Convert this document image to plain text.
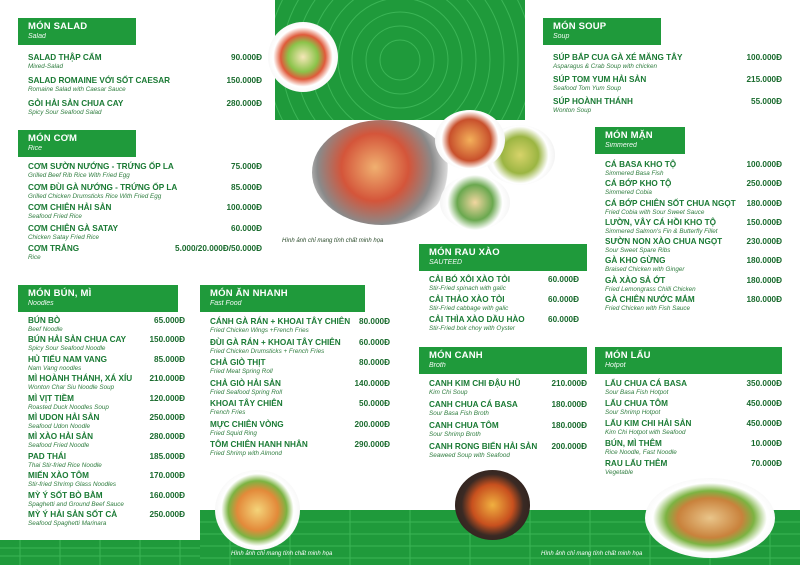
Hình ảnh chỉ mang tính chất minh họa
Hình ảnh chỉ mang tính chất minh họa	Hình ảnh chỉ mang tính chất minh họa
MÓN SALAD
Salad
SALAD THẬP CẨM
Mixed-Salad
90.000Đ
SALAD ROMAINE VỚI SỐT CAESAR
Romaine Salad with Caesar Sauce
150.000Đ
GỎI HẢI SẢN CHUA CAY
Spicy Sour Seafood Salad
280.000Đ
MÓN CƠM
Rice
CƠM SƯỜN NƯỚNG - TRỨNG ỐP LA
Grilled Beef Rib Rice With Fried Egg
75.000Đ
CƠM ĐÙI GÀ NƯỚNG - TRỨNG ỐP LA
Grilled Chicken Drumsticks Rice With Fried Egg
85.000Đ
CƠM CHIÊN HẢI SẢN
Seafood Fried Rice
100.000Đ
CƠM CHIÊN GÀ SATAY
Chicken Satay Fried Rice
60.000Đ
CƠM TRẮNG
Rice
5.000/20.000Đ/50.000Đ
MÓN BÚN, MÌ
Noodles
BÚN BÒ
Beef Noodle
65.000Đ
BÚN HẢI SẢN CHUA CAY
Spicy Sour Seafood Noodle
150.000Đ
HỦ TIẾU NAM VANG
Nam Vang noodles
85.000Đ
MÌ HOÀNH THÁNH, XÁ XÍU
Wonton Char Siu Noodle Soup
210.000Đ
MÌ VỊT TIỀM
Roasted Duck Noodles Soup
120.000Đ
MÌ UDON HẢI SẢN
Seafood Udon Noodle
250.000Đ
MÌ XÀO HẢI SẢN
Seafood Fried Noodle
280.000Đ
PAD THÁI
Thai Stir-fried Rice Noodle
185.000Đ
MIẾN XÀO TÔM
Stir-fried Shrimp Glass Noodles
170.000Đ
MỲ Ý SỐT BÒ BẰM
Spaghetti and Ground Beef Sauce
160.000Đ
MỲ Ý HẢI SẢN SỐT CÀ
Seafood Spaghetti Marinara
250.000Đ
MÓN ĂN NHANH
Fast Food
CÁNH GÀ RÁN + KHOAI TÂY CHIÊN
Fried Chicken Wings +French Fries
80.000Đ
ĐÙI GÀ RÁN + KHOAI TÂY CHIÊN
Fried Chicken Drumsticks + French Fries
60.000Đ
CHẢ GIÒ THỊT
Fried Meat Spring Roll
80.000Đ
CHẢ GIÒ HẢI SẢN
Fried Seafood Spring Roll
140.000Đ
KHOAI TÂY CHIÊN
French Fries
50.000Đ
MỰC CHIÊN VÒNG
Fried Squid Ring
200.000Đ
TÔM CHIÊN HANH NHÂN
Fried Shrimp with Almond
290.000Đ
MÓN RAU XÀO
SAUTEED
CẢI BÓ XÔI XÀO TỎI
Stir-Fried spinach with galic
60.000Đ
CẢI THẢO XÀO TỎI
Stir-Fried cabbage with galic
60.000Đ
CẢI THÌA XÀO DẦU HÀO
Stir-Fried bok choy with Oyster
60.000Đ
MÓN CANH
Broth
CANH KIM CHI ĐẬU HŨ
Kim Chi Soup
210.000Đ
CANH CHUA CÁ BASA
Sour Basa Fish Broth
180.000Đ
CANH CHUA TÔM
Sour Shrimp Broth
180.000Đ
CANH RONG BIỂN HẢI SẢN
Seaweed Soup with Seafood
200.000Đ
MÓN SOUP
Soup
SÚP BẮP CUA GÀ XÉ MĂNG TÂY
Asparagus & Crab Soup with chicken
100.000Đ
SÚP TOM YUM HẢI SẢN
Seafood Tom Yum Soup
215.000Đ
SÚP HOÀNH THÁNH
Wonton Soup
55.000Đ
MÓN MẶN
Simmered
CÁ BASA KHO TỘ
Simmered Basa Fish
100.000Đ
CÁ BỚP KHO TỘ
Simmered Cobia
250.000Đ
CÁ BỚP CHIÊN SỐT CHUA NGỌT
Fried Cobia with Sour Sweet Sauce
180.000Đ
LƯỜN, VÂY CÁ HỒI KHO TỘ
Simmered Salmon's Fin & Butterfly Fillet
150.000Đ
SƯỜN NON XÀO CHUA NGỌT
Sour Sweet Spare Ribs
230.000Đ
GÀ KHO GỪNG
Braised Chicken with Ginger
180.000Đ
GÀ XÀO SẢ ỚT
Fried Lemongrass Chilli Chicken
180.000Đ
GÀ CHIÊN NƯỚC MẮM
Fried Chicken with Fish Sauce
180.000Đ
MÓN LẨU
Hotpot
LẨU CHUA CÁ BASA
Sour Basa Fish Hotpot
350.000Đ
LẨU CHUA TÔM
Sour Shrimp Hotpot
450.000Đ
LẨU KIM CHI HẢI SẢN
Kim Chi Hotpot with Seafood
450.000Đ
BÚN, MÌ THÊM
Rice Noodle, Fast Noodle
10.000Đ
RAU LẨU THÊM
Vegetable
70.000Đ
